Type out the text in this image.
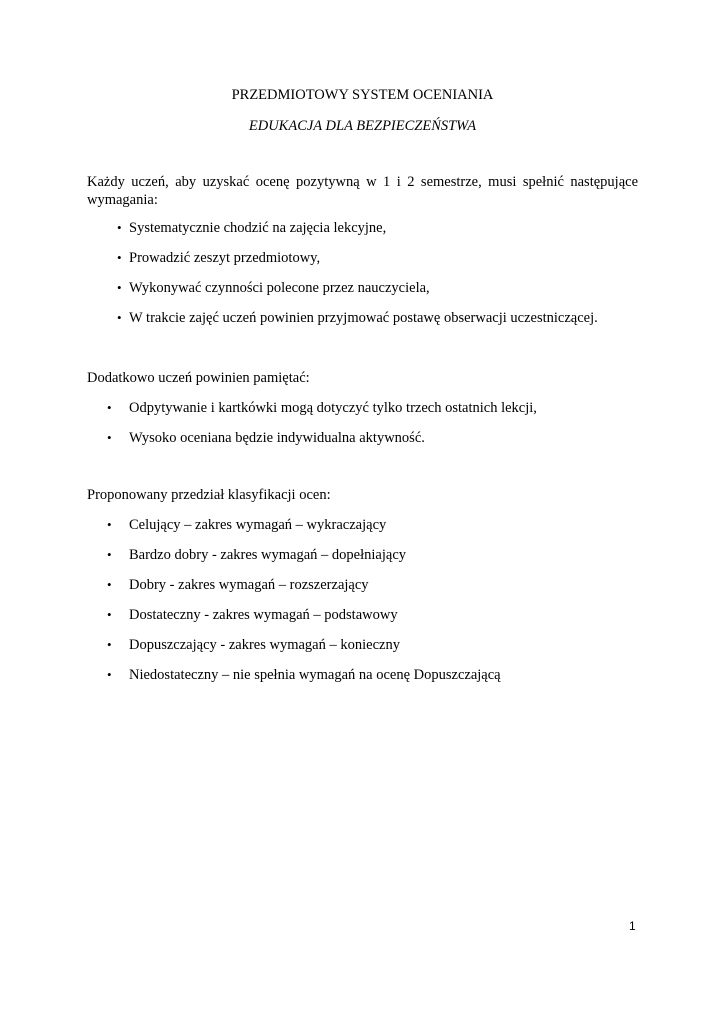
PRZEDMIOTOWY SYSTEM OCENIANIA
EDUKACJA DLA BEZPIECZEŃSTWA
Każdy uczeń, aby uzyskać ocenę pozytywną w 1 i 2 semestrze, musi spełnić następujące wymagania:
• Systematycznie chodzić na zajęcia lekcyjne,
• Prowadzić zeszyt przedmiotowy,
• Wykonywać czynności polecone przez nauczyciela,
• W trakcie zajęć uczeń powinien przyjmować postawę obserwacji uczestniczącej.
Dodatkowo uczeń powinien pamiętać:
• Odpytywanie i kartkówki mogą dotyczyć tylko trzech ostatnich lekcji,
• Wysoko oceniana będzie indywidualna aktywność.
Proponowany przedział klasyfikacji ocen:
• Celujący – zakres wymagań – wykraczający
• Bardzo dobry - zakres wymagań – dopełniający
• Dobry - zakres wymagań – rozszerzający
• Dostateczny - zakres wymagań – podstawowy
• Dopuszczający - zakres wymagań – konieczny
• Niedostateczny – nie spełnia wymagań na ocenę Dopuszczającą
1
